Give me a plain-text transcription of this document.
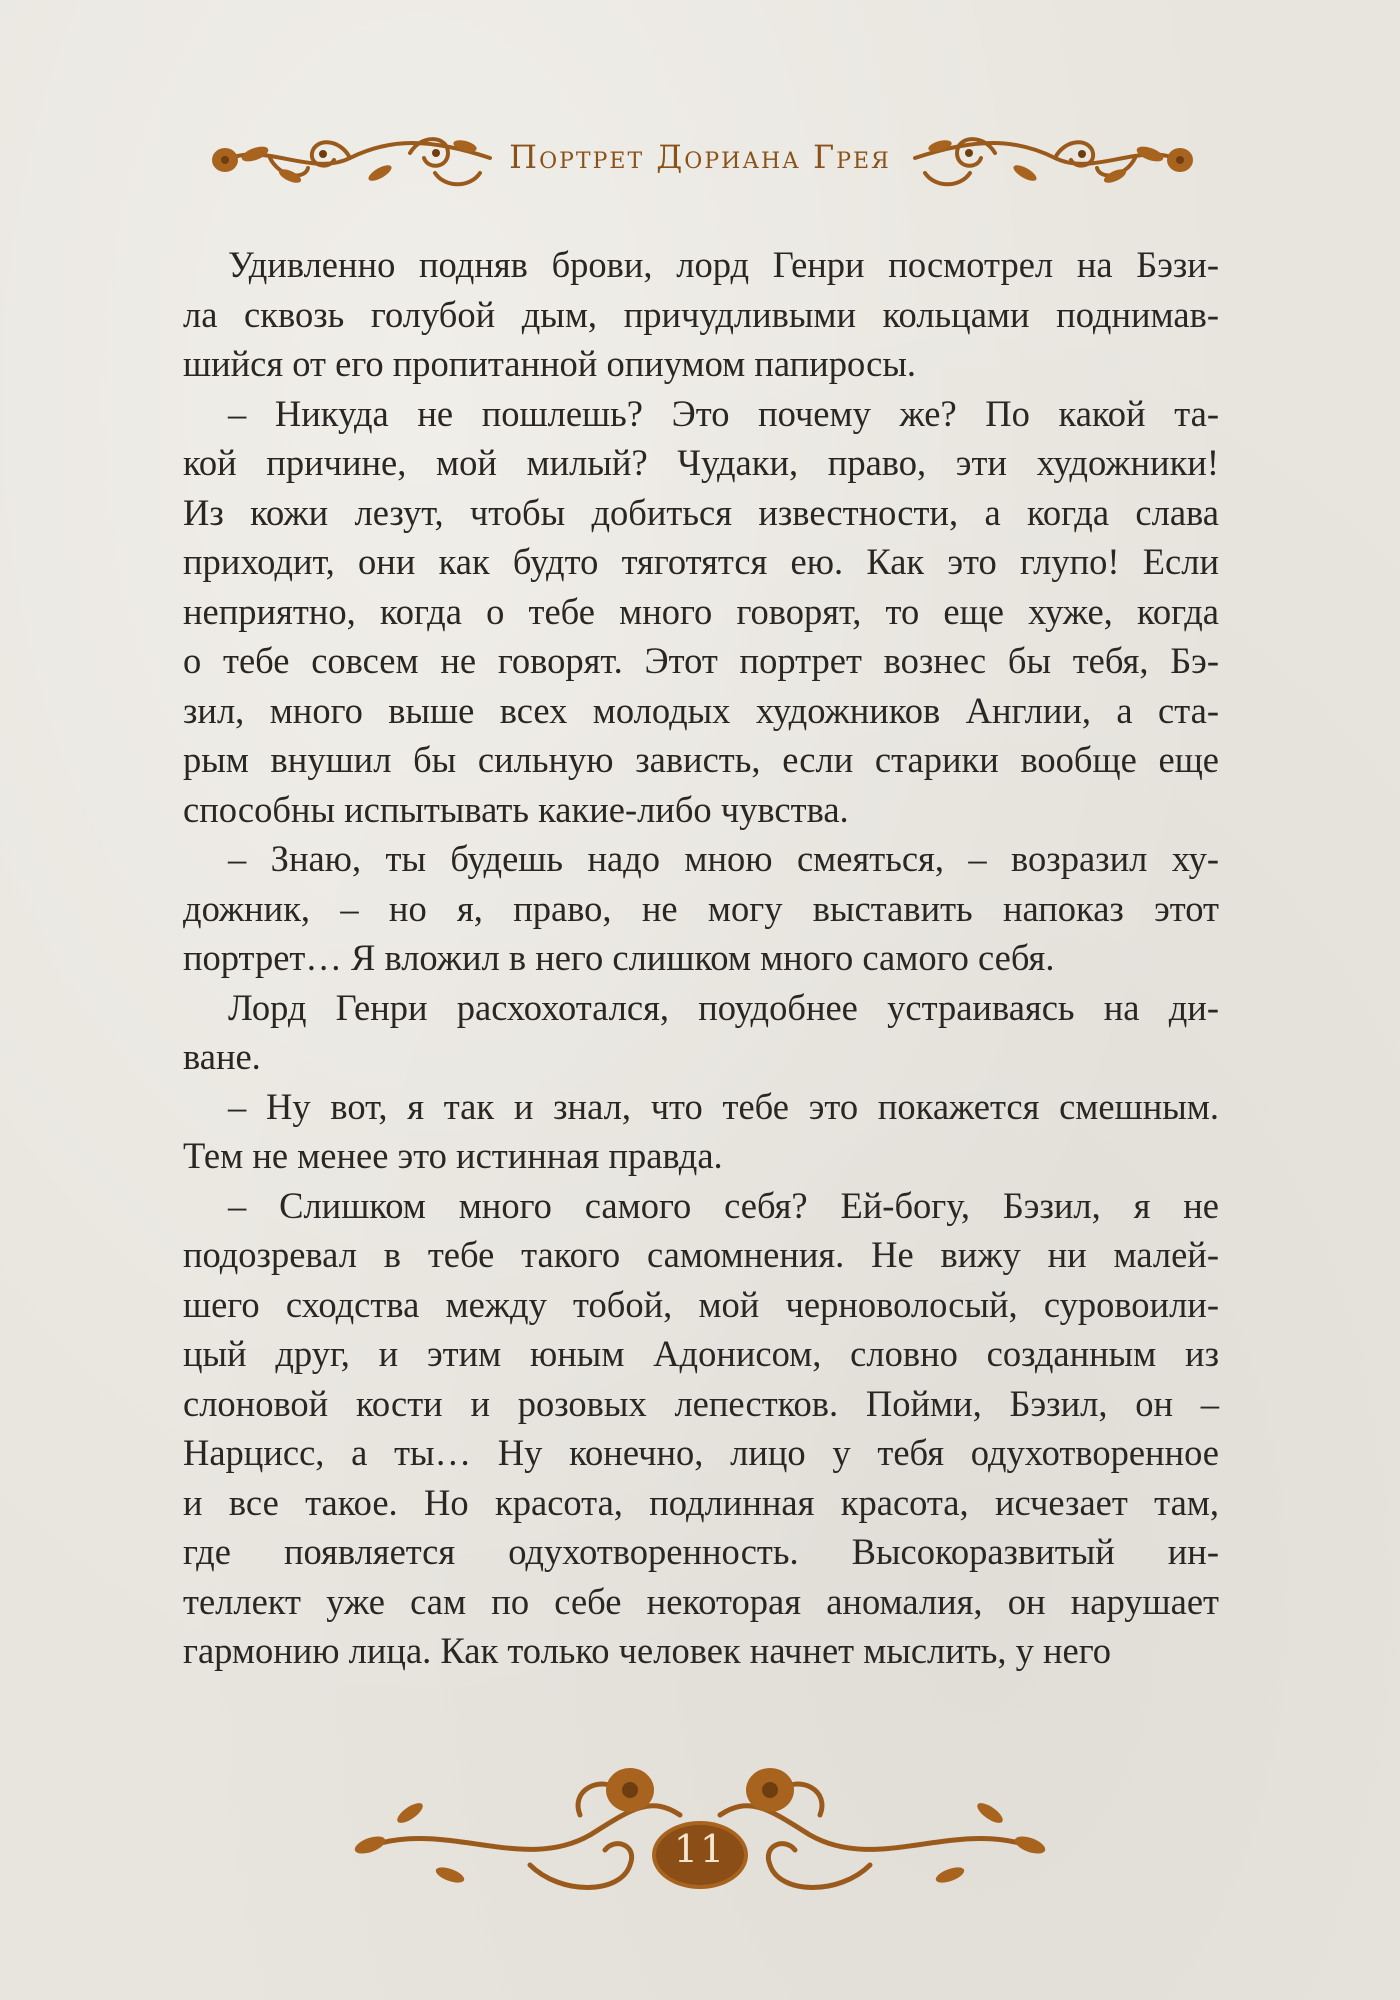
Портрет Дориана Грея

Удивленно подняв брови, лорд Генри посмотрел на Бэзи-
ла сквозь голубой дым, причудливыми кольцами поднимав-
шийся от его пропитанной опиумом папиросы.

– Никуда не пошлешь? Это почему же? По какой та-
кой причине, мой милый? Чудаки, право, эти художники!
Из кожи лезут, чтобы добиться известности, а когда слава
приходит, они как будто тяготятся ею. Как это глупо! Если
неприятно, когда о тебе много говорят, то еще хуже, когда
о тебе совсем не говорят. Этот портрет вознес бы тебя, Бэ-
зил, много выше всех молодых художников Англии, а ста-
рым внушил бы сильную зависть, если старики вообще еще
способны испытывать какие-либо чувства.

– Знаю, ты будешь надо мною смеяться, – возразил ху-
дожник, – но я, право, не могу выставить напоказ этот
портрет… Я вложил в него слишком много самого себя.

Лорд Генри расхохотался, поудобнее устраиваясь на ди-
ване.

– Ну вот, я так и знал, что тебе это покажется смешным.
Тем не менее это истинная правда.

– Слишком много самого себя? Ей-богу, Бэзил, я не
подозревал в тебе такого самомнения. Не вижу ни малей-
шего сходства между тобой, мой черноволосый, суровоили-
цый друг, и этим юным Адонисом, словно созданным из
слоновой кости и розовых лепестков. Пойми, Бэзил, он –
Нарцисс, а ты… Ну конечно, лицо у тебя одухотворенное
и все такое. Но красота, подлинная красота, исчезает там,
где появляется одухотворенность. Высокоразвитый ин-
теллект уже сам по себе некоторая аномалия, он нарушает
гармонию лица. Как только человек начнет мыслить, у него

11
